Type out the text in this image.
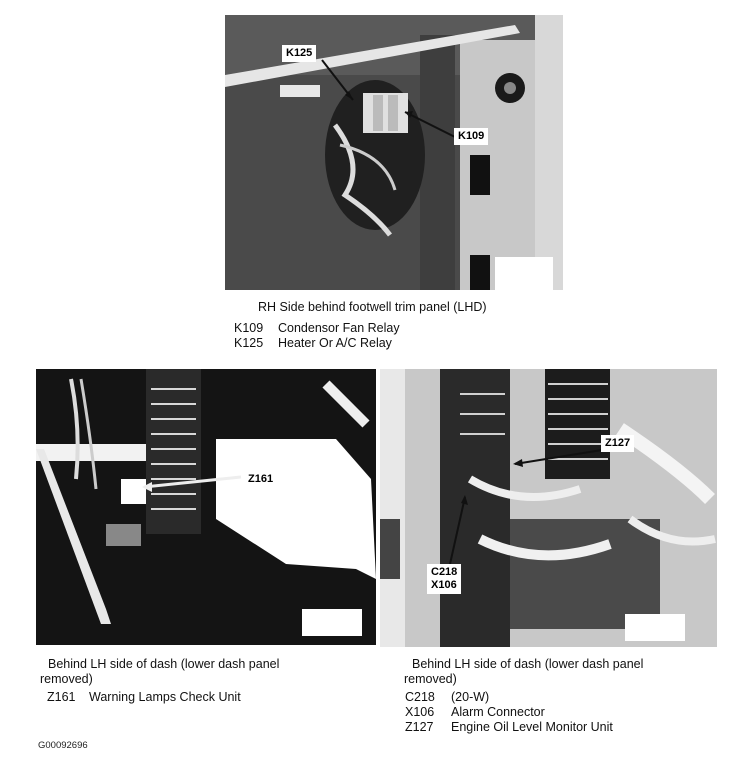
K125
K109
RH Side behind footwell trim panel (LHD)
K109	Condensor Fan Relay
K125	Heater Or A/C Relay
Z161
Behind LH side of dash (lower dash panel removed)
Z161	Warning Lamps Check Unit
Z127
C218
X106
Behind LH side of dash (lower dash panel removed)
C218	(20-W)
X106	Alarm Connector
Z127	Engine Oil Level Monitor Unit
G00092696
